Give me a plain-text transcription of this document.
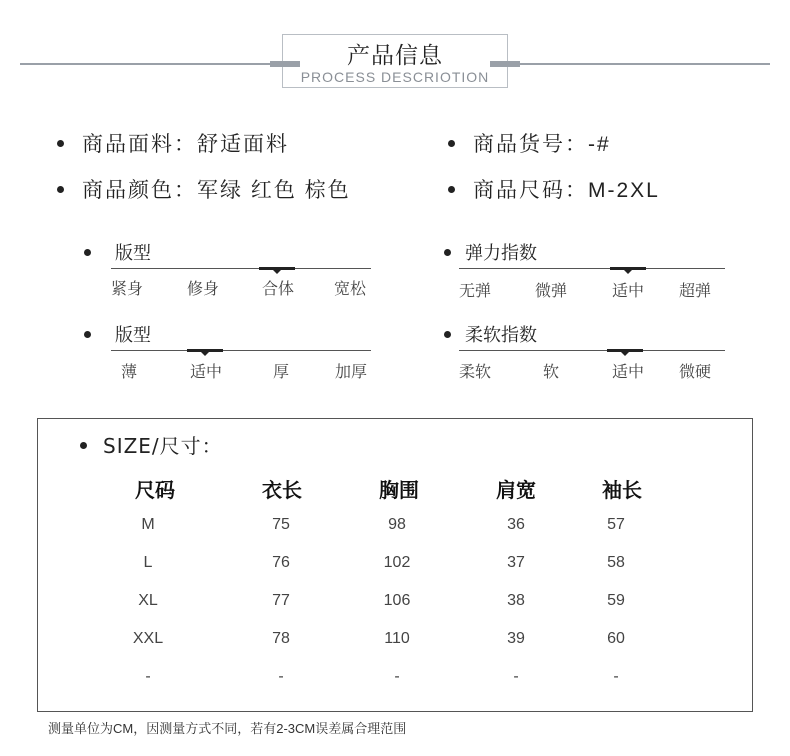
产品信息
PROCESS DESCRIOTION
商品面料：舒适面料	商品货号：-#
商品颜色：军绿 红色 棕色	商品尺码：M-2XL
版型
紧身	修身	合体 宽松
弹力指数
无弹	微弹	适中 超弹
版型
薄	适中	厚	加厚
柔软指数
柔软	软	适中 微硬
SIZE/尺寸：
尺码	衣长	胸围	肩宽	袖长
M	75	98	36	57
L	76	102	37	58
XL	77	106	38	59
XXL	78	110	39	60
-	-	-	-	-
测量单位为CM，因测量方式不同，若有2-3CM误差属合理范围
